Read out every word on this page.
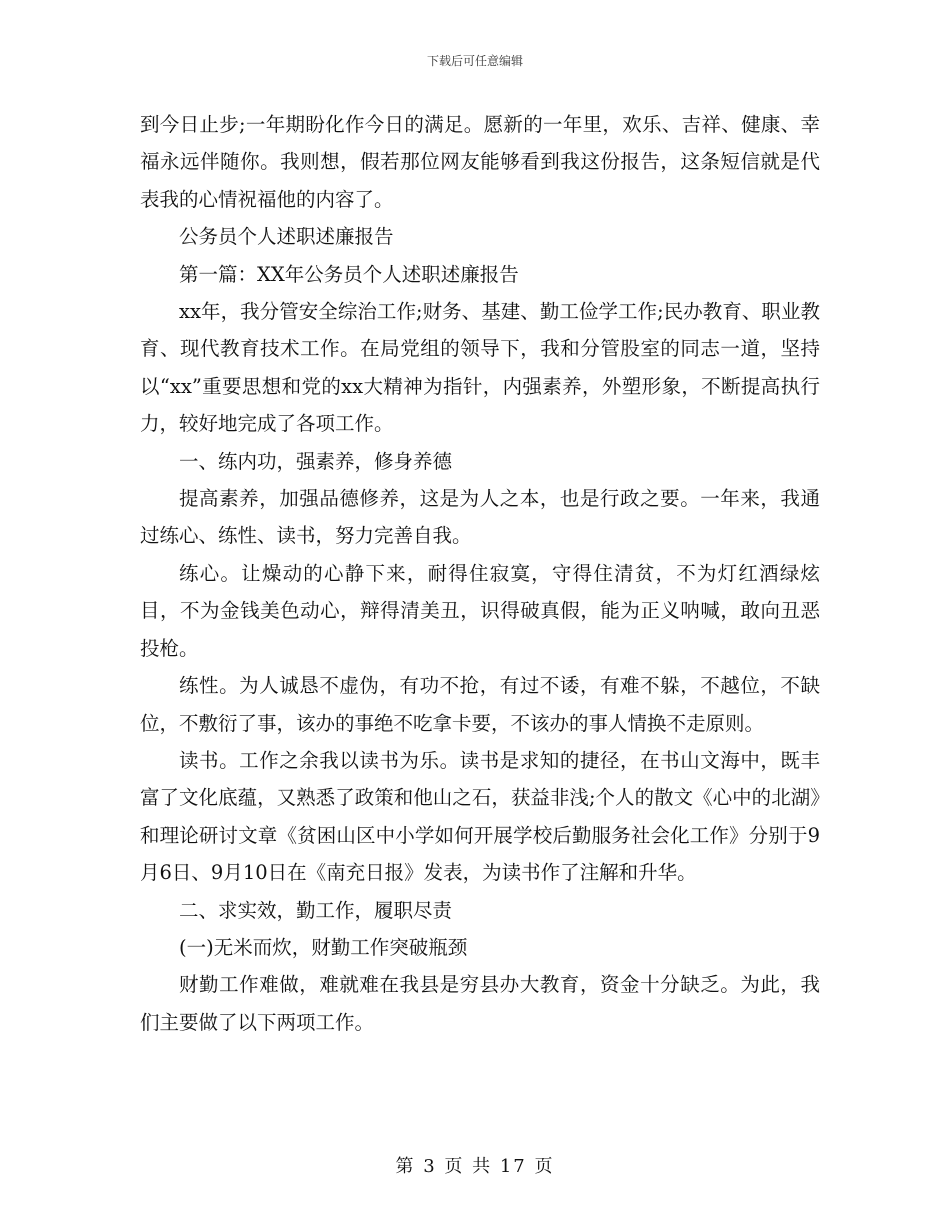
下载后可任意编辑

到今日止步;一年期盼化作今日的满足。愿新的一年里，欢乐、吉祥、健康、幸福永远伴随你。我则想，假若那位网友能够看到我这份报告，这条短信就是代表我的心情祝福他的内容了。

公务员个人述职述廉报告

第一篇：XX年公务员个人述职述廉报告

xx年，我分管安全综治工作;财务、基建、勤工俭学工作;民办教育、职业教育、现代教育技术工作。在局党组的领导下，我和分管股室的同志一道，坚持以“xx”重要思想和党的xx大精神为指针，内强素养，外塑形象，不断提高执行力，较好地完成了各项工作。

一、练内功，强素养，修身养德

提高素养，加强品德修养，这是为人之本，也是行政之要。一年来，我通过练心、练性、读书，努力完善自我。

练心。让燥动的心静下来，耐得住寂寞，守得住清贫，不为灯红酒绿炫目，不为金钱美色动心，辩得清美丑，识得破真假，能为正义呐喊，敢向丑恶投枪。

练性。为人诚恳不虚伪，有功不抢，有过不诿，有难不躲，不越位，不缺位，不敷衍了事，该办的事绝不吃拿卡要，不该办的事人情换不走原则。

读书。工作之余我以读书为乐。读书是求知的捷径，在书山文海中，既丰富了文化底蕴，又熟悉了政策和他山之石，获益非浅;个人的散文《心中的北湖》和理论研讨文章《贫困山区中小学如何开展学校后勤服务社会化工作》分别于9月6日、9月10日在《南充日报》发表，为读书作了注解和升华。

二、求实效，勤工作，履职尽责

(一)无米而炊，财勤工作突破瓶颈

财勤工作难做，难就难在我县是穷县办大教育，资金十分缺乏。为此，我们主要做了以下两项工作。

第 3 页 共 17 页
